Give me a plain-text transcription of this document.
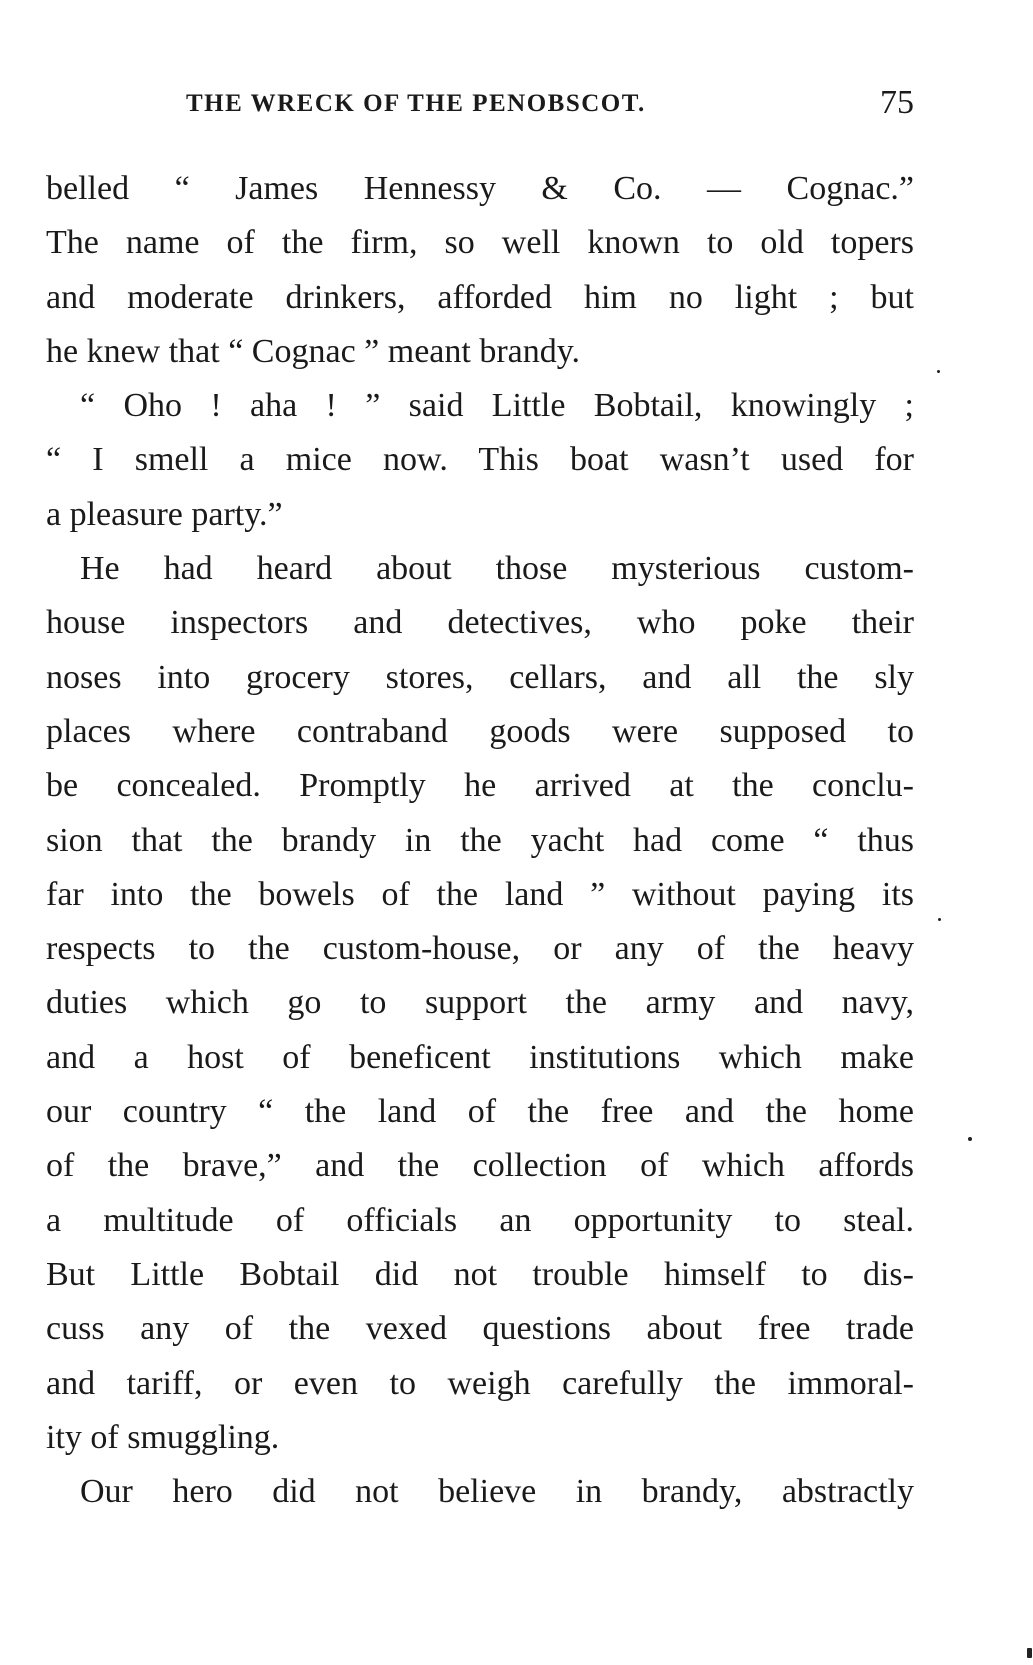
THE WRECK OF THE PENOBSCOT.	75
belled “ James Hennessy & Co. — Cognac.”
The name of the firm, so well known to old topers
and moderate drinkers, afforded him no light ; but
he knew that “ Cognac ” meant brandy.
“ Oho ! aha ! ” said Little Bobtail, knowingly ;
“ I smell a mice now. This boat wasn’t used for
a pleasure party.”
He had heard about those mysterious custom-
house inspectors and detectives, who poke their
noses into grocery stores, cellars, and all the sly
places where contraband goods were supposed to
be concealed. Promptly he arrived at the conclu-
sion that the brandy in the yacht had come “ thus
far into the bowels of the land ” without paying its
respects to the custom-house, or any of the heavy
duties which go to support the army and navy,
and a host of beneficent institutions which make
our country “ the land of the free and the home
of the brave,” and the collection of which affords
a multitude of officials an opportunity to steal.
But Little Bobtail did not trouble himself to dis-
cuss any of the vexed questions about free trade
and tariff, or even to weigh carefully the immoral-
ity of smuggling.
Our hero did not believe in brandy, abstractly
